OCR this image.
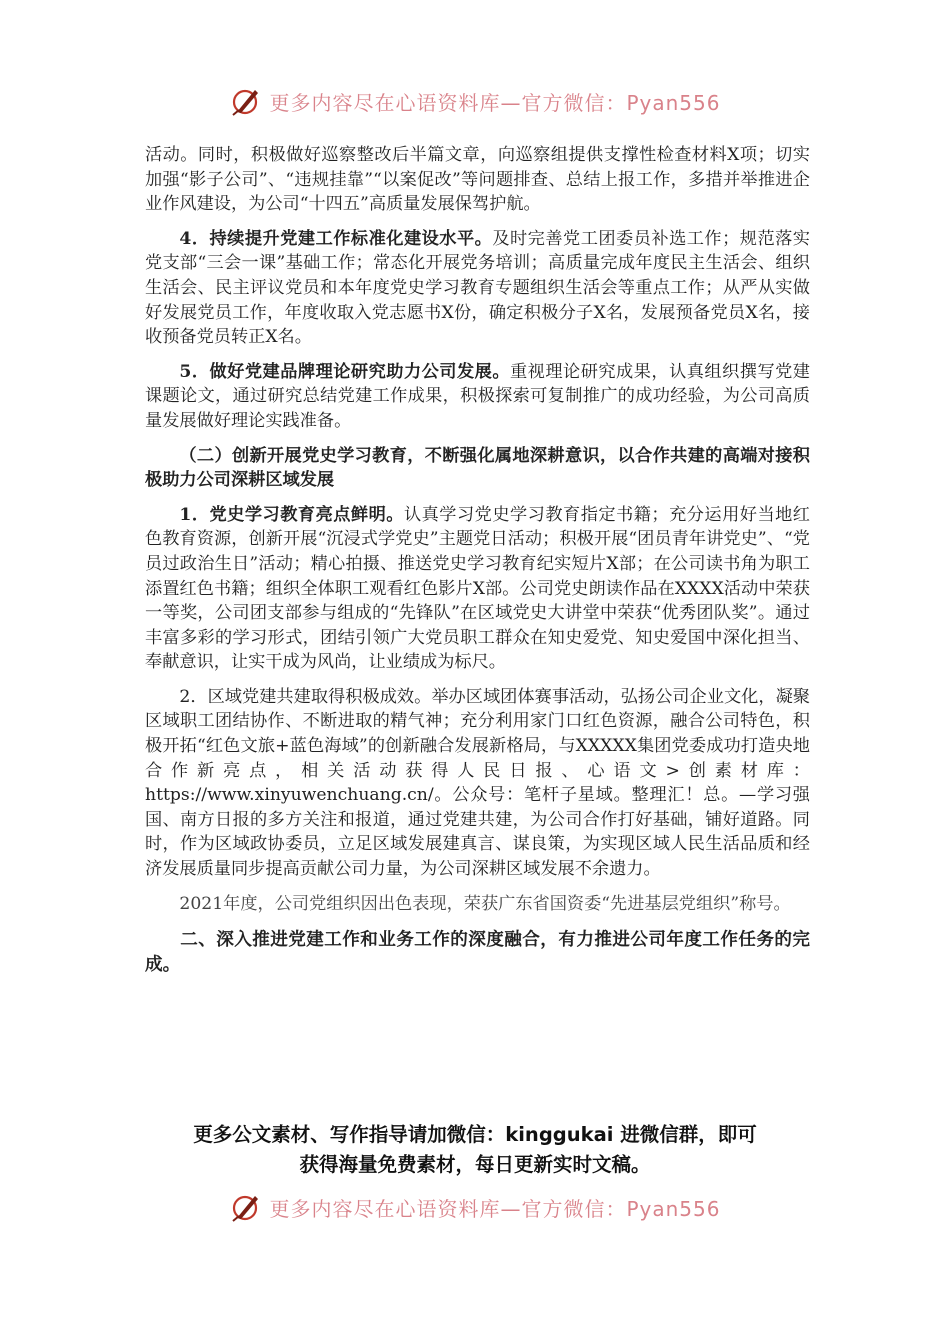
更多内容尽在心语资料库—官方微信：Pyan556

活动。同时，积极做好巡察整改后半篇文章，向巡察组提供支撑性检查材料X项；切实加强“影子公司”、“违规挂靠”“以案促改”等问题排查、总结上报工作，多措并举推进企业作风建设，为公司“十四五”高质量发展保驾护航。

4．持续提升党建工作标准化建设水平。及时完善党工团委员补选工作；规范落实党支部“三会一课”基础工作；常态化开展党务培训；高质量完成年度民主生活会、组织生活会、民主评议党员和本年度党史学习教育专题组织生活会等重点工作；从严从实做好发展党员工作，年度收取入党志愿书X份，确定积极分子X名，发展预备党员X名，接收预备党员转正X名。

5．做好党建品牌理论研究助力公司发展。重视理论研究成果，认真组织撰写党建课题论文，通过研究总结党建工作成果，积极探索可复制推广的成功经验，为公司高质量发展做好理论实践准备。

（二）创新开展党史学习教育，不断强化属地深耕意识，以合作共建的高端对接积极助力公司深耕区域发展

1．党史学习教育亮点鲜明。认真学习党史学习教育指定书籍；充分运用好当地红色教育资源，创新开展“沉浸式学党史”主题党日活动；积极开展“团员青年讲党史”、“党员过政治生日”活动；精心拍摄、推送党史学习教育纪实短片X部；在公司读书角为职工添置红色书籍；组织全体职工观看红色影片X部。公司党史朗读作品在XXXX活动中荣获一等奖，公司团支部参与组成的“先锋队”在区域党史大讲堂中荣获“优秀团队奖”。通过丰富多彩的学习形式，团结引领广大党员职工群众在知史爱党、知史爱国中深化担当、奉献意识，让实干成为风尚，让业绩成为标尺。

2．区域党建共建取得积极成效。举办区域团体赛事活动，弘扬公司企业文化，凝聚区域职工团结协作、不断进取的精气神；充分利用家门口红色资源，融合公司特色，积极开拓“红色文旅+蓝色海域”的创新融合发展新格局，与XXXXX集团党委成功打造央地合作新亮点，相关活动获得人民日报、心语文>创素材库：https://www.xinyuwenchuang.cn/。公众号：笔杆子星域。整理汇！总。—学习强国、南方日报的多方关注和报道，通过党建共建，为公司合作打好基础，铺好道路。同时，作为区域政协委员，立足区域发展建真言、谋良策，为实现区域人民生活品质和经济发展质量同步提高贡献公司力量，为公司深耕区域发展不余遗力。

2021年度，公司党组织因出色表现，荣获广东省国资委“先进基层党组织”称号。

二、深入推进党建工作和业务工作的深度融合，有力推进公司年度工作任务的完成。

更多公文素材、写作指导请加微信：kinggukai 进微信群，即可
获得海量免费素材，每日更新实时文稿。
更多内容尽在心语资料库—官方微信：Pyan556
